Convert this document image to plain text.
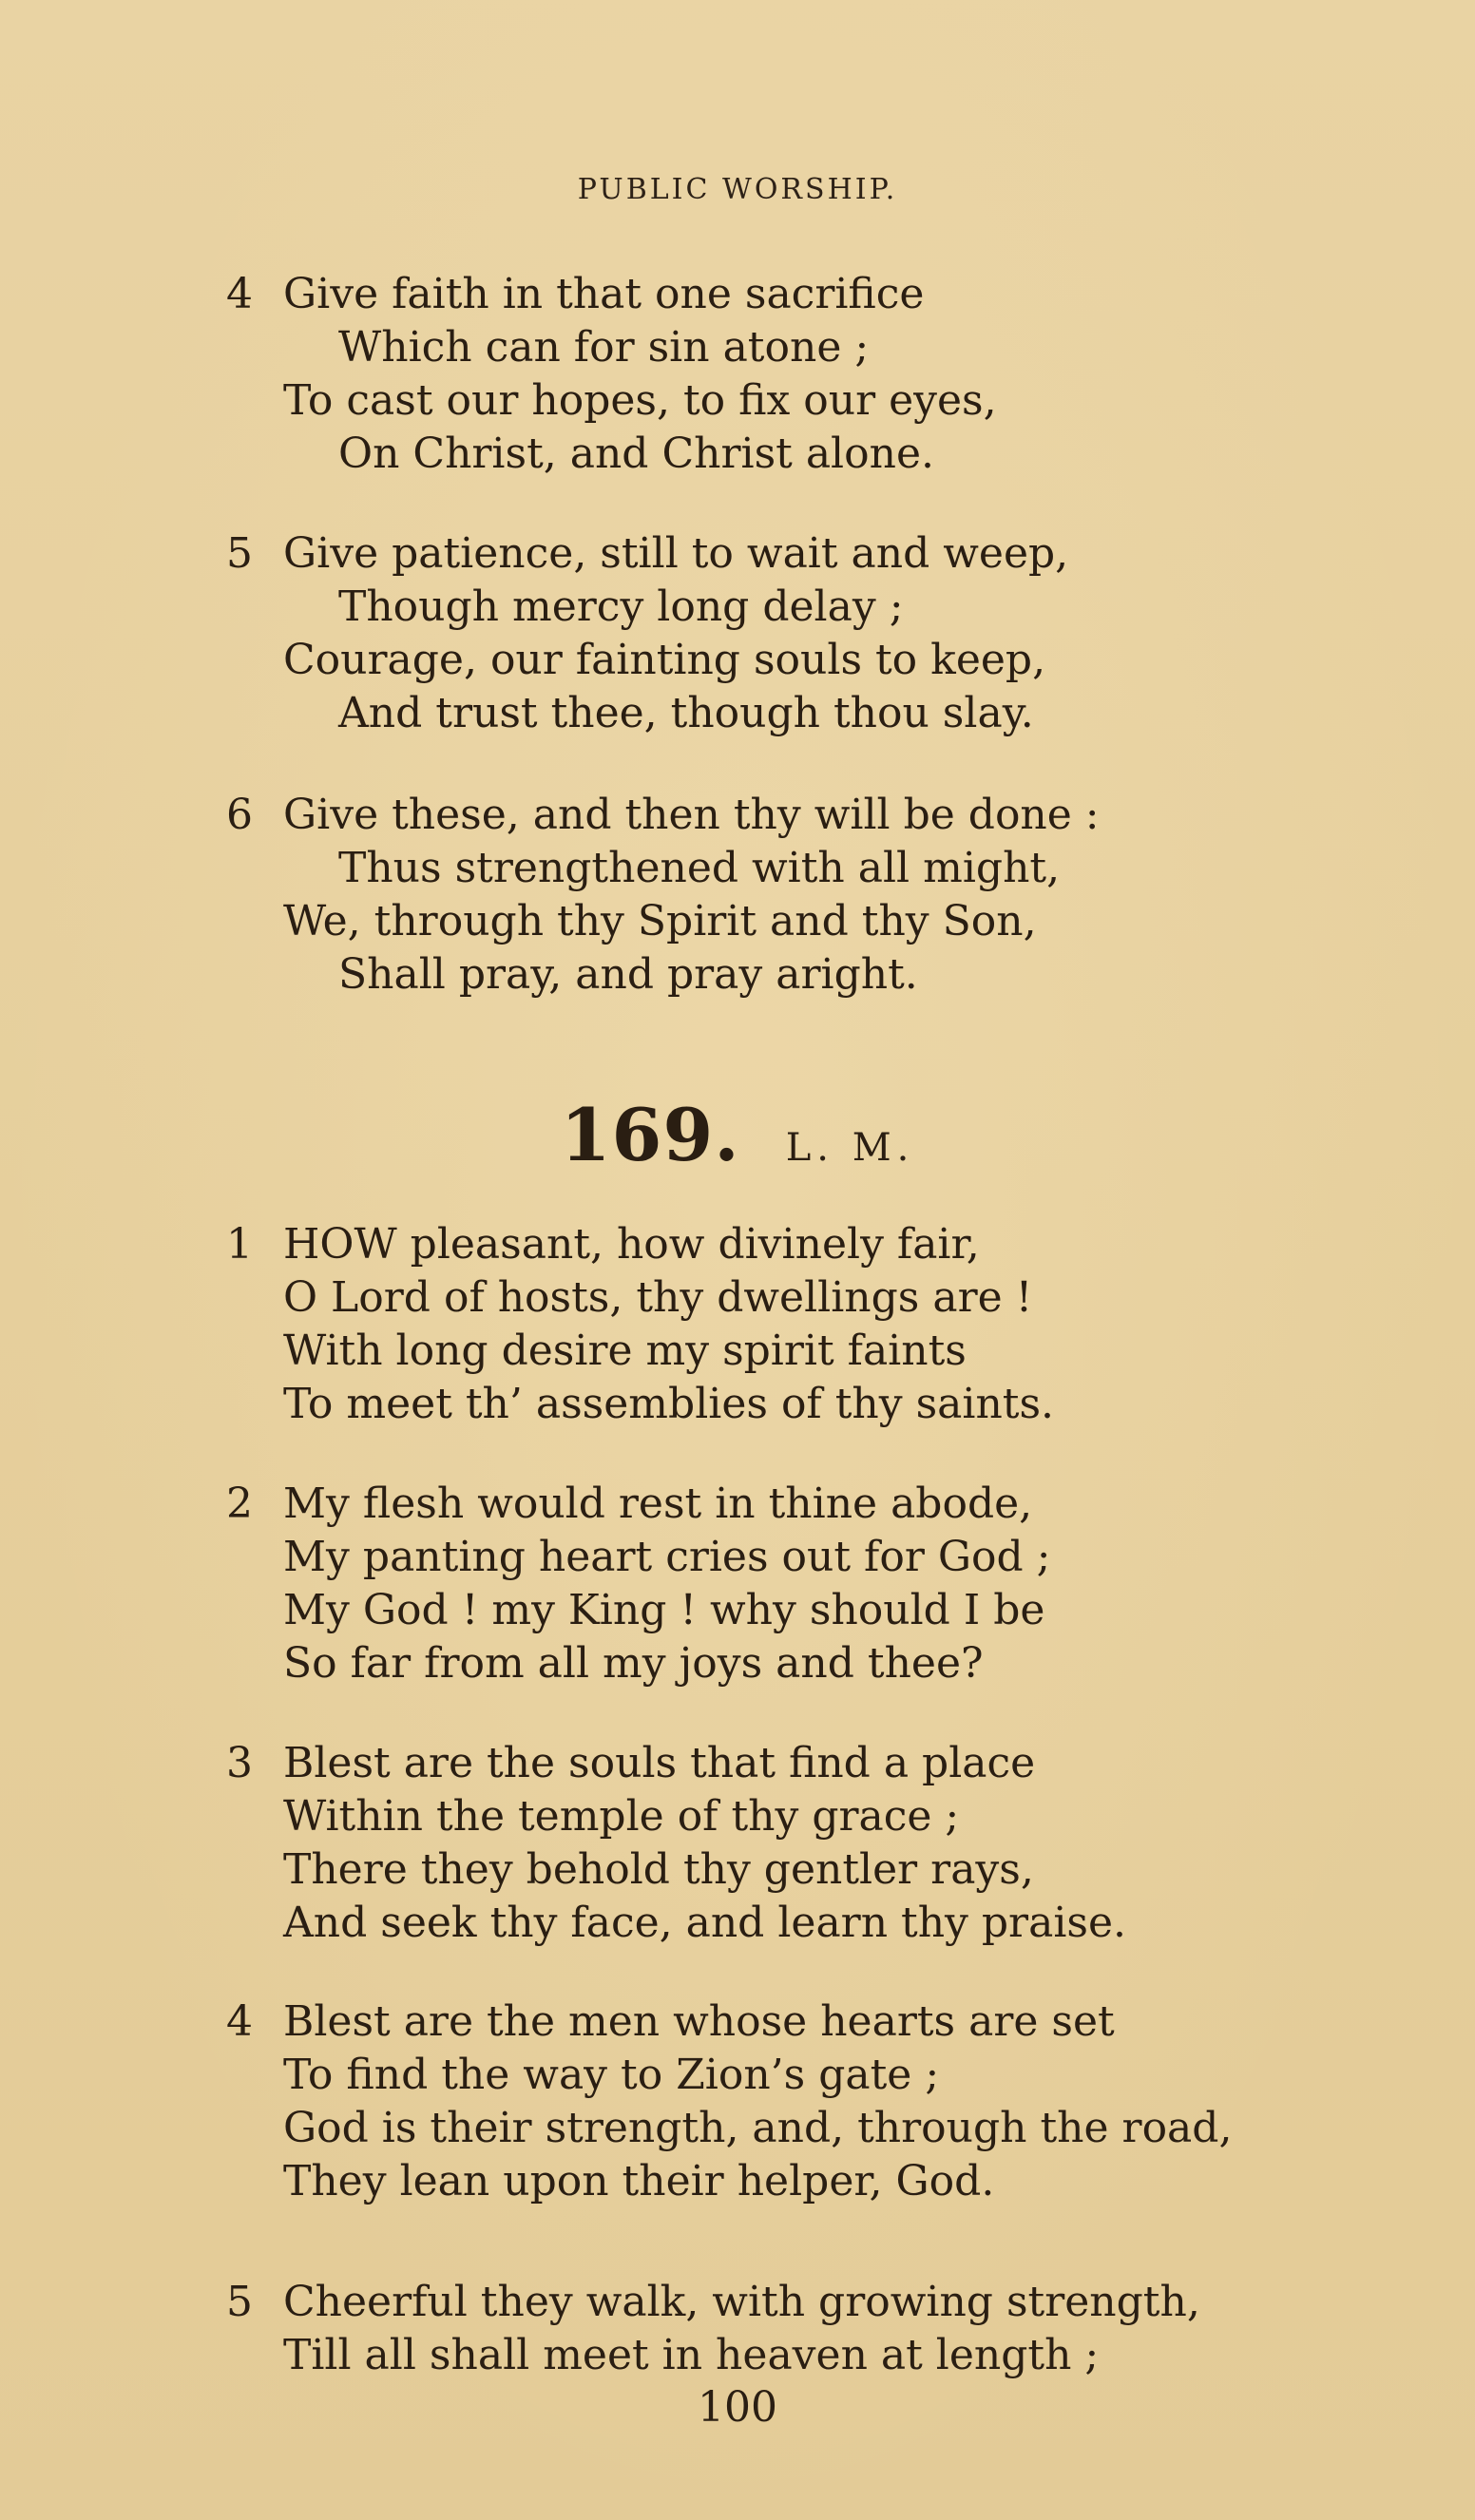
PUBLIC WORSHIP.
4 Give faith in that one sacrifice
Which can for sin atone ;
To cast our hopes, to fix our eyes,
On Christ, and Christ alone.
5 Give patience, still to wait and weep,
Though mercy long delay ;
Courage, our fainting souls to keep,
And trust thee, though thou slay.
6 Give these, and then thy will be done :
Thus strengthened with all might,
We, through thy Spirit and thy Son,
Shall pray, and pray aright.
169. L. M.
1 HOW pleasant, how divinely fair,
O Lord of hosts, thy dwellings are !
With long desire my spirit faints
To meet th’ assemblies of thy saints.
2 My flesh would rest in thine abode,
My panting heart cries out for God ;
My God ! my King ! why should I be
So far from all my joys and thee?
3 Blest are the souls that find a place
Within the temple of thy grace ;
There they behold thy gentler rays,
And seek thy face, and learn thy praise.
4 Blest are the men whose hearts are set
To find the way to Zion’s gate ;
God is their strength, and, through the road,
They lean upon their helper, God.
5 Cheerful they walk, with growing strength,
Till all shall meet in heaven at length ;
100
